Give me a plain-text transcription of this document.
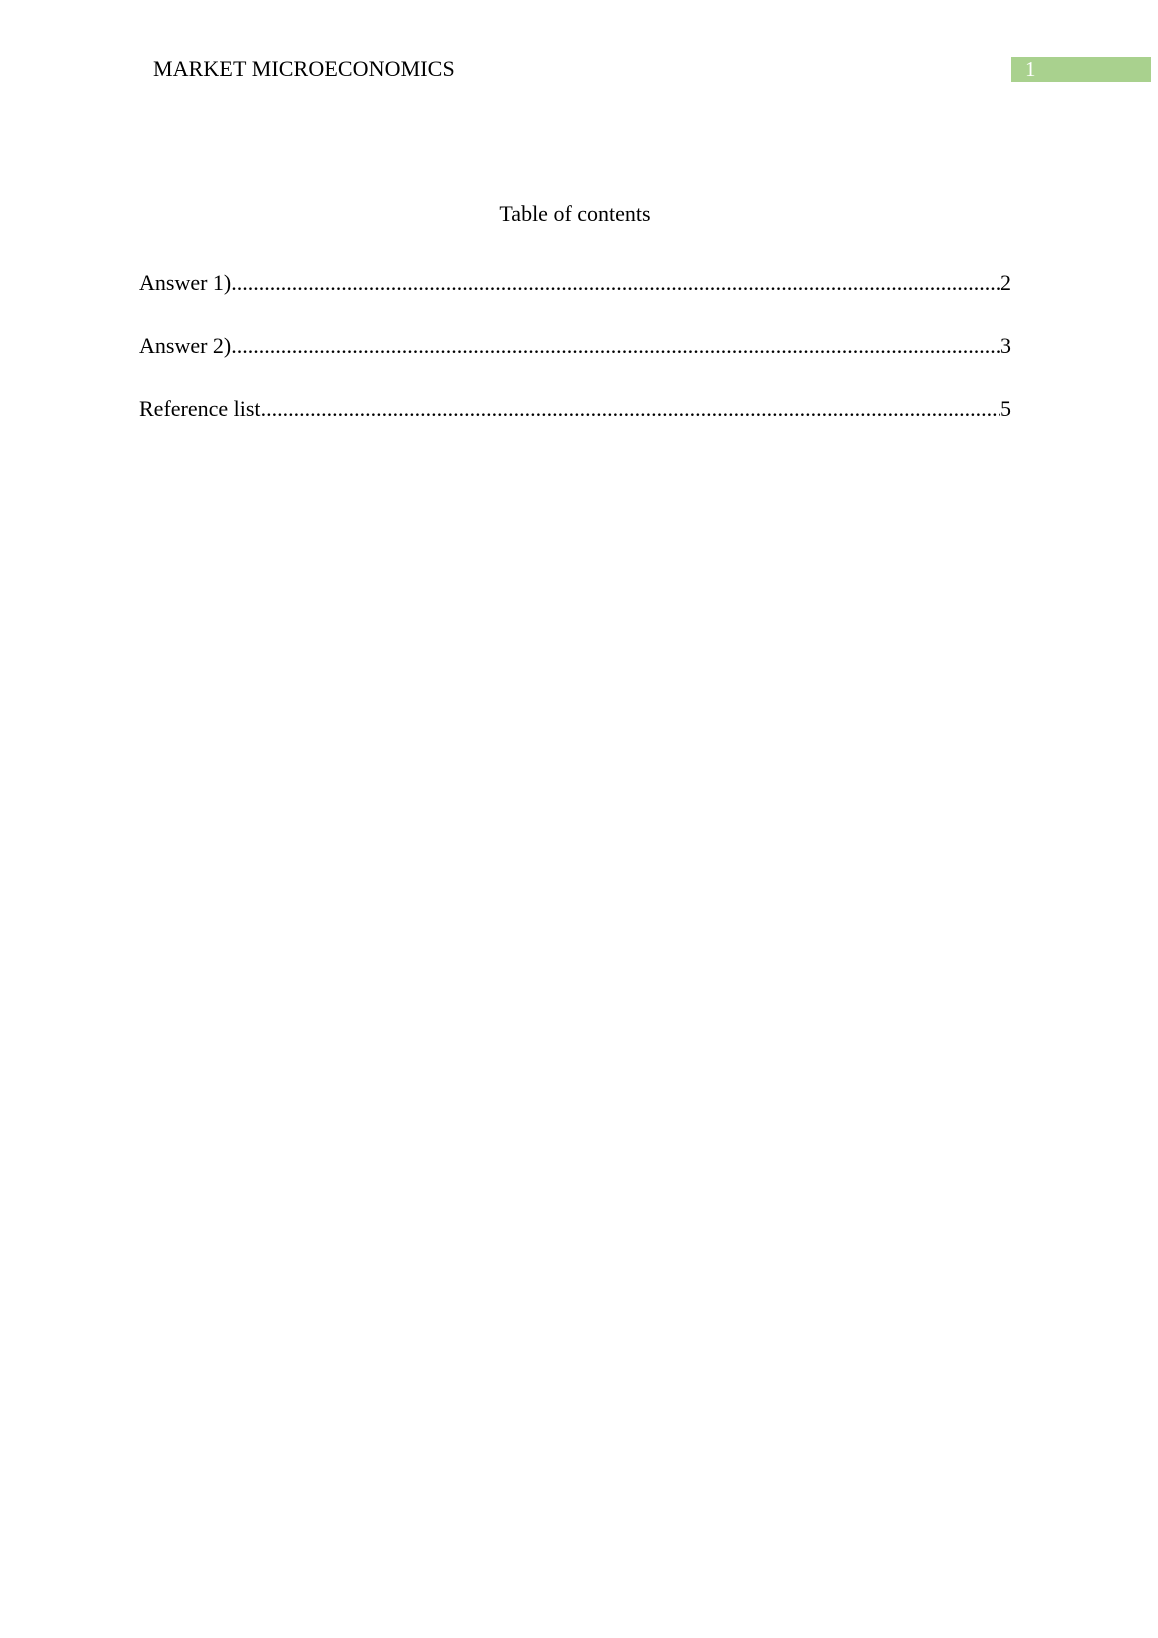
MARKET MICROECONOMICS	1
Table of contents
Answer 1) .....	2
Answer 2) .....	3
Reference list .....	5
